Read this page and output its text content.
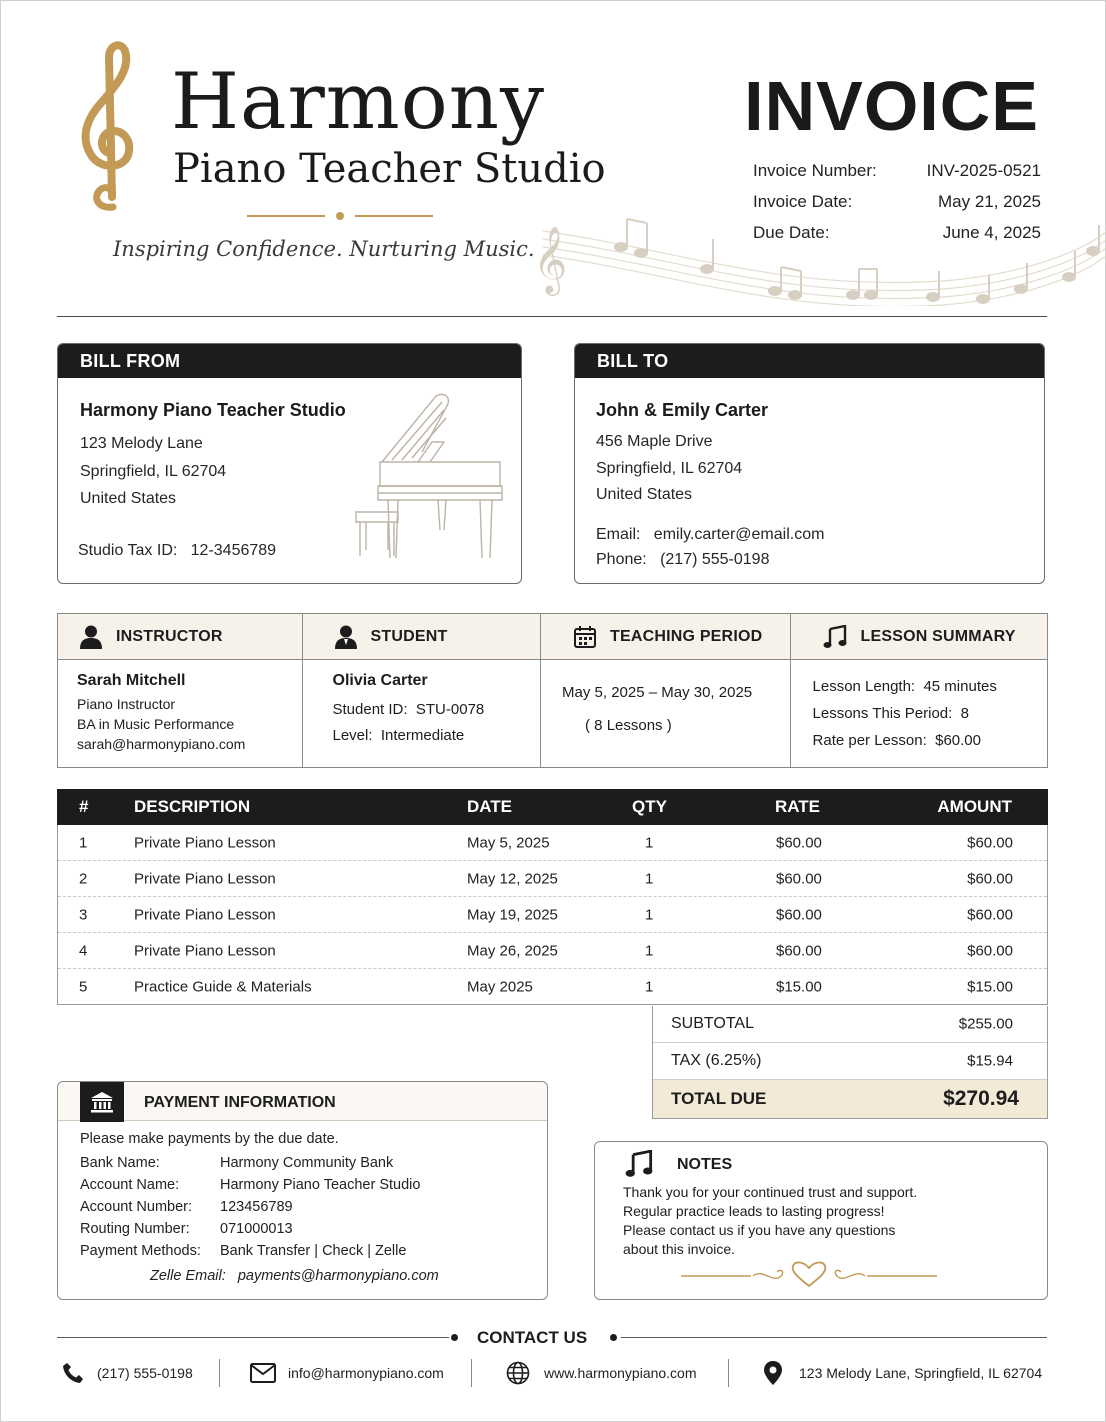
Harmony
Piano Teacher Studio
Inspiring Confidence. Nurturing Music.
𝄞
INVOICE
Invoice Number:	INV-2025-0521
Invoice Date:	May 21, 2025
Due Date:	June 4, 2025
BILL FROM
Harmony Piano Teacher Studio
123 Melody Lane
Springfield, IL 62704
United States
Studio Tax ID: 12-3456789
BILL TO
John & Emily Carter
456 Maple Drive
Springfield, IL 62704
United States
Email: emily.carter@email.com
Phone: (217) 555-0198
INSTRUCTOR
Sarah Mitchell
Piano Instructor
BA in Music Performance
sarah@harmonypiano.com
STUDENT
Olivia Carter
Student ID: STU-0078
Level: Intermediate
TEACHING PERIOD
May 5, 2025 – May 30, 2025
( 8 Lessons )
LESSON SUMMARY
Lesson Length: 45 minutes
Lessons This Period: 8
Rate per Lesson: $60.00
#	DESCRIPTION	DATE	QTY	RATE	AMOUNT
1	Private Piano Lesson	May 5, 2025	1	$60.00	$60.00
2	Private Piano Lesson	May 12, 2025	1	$60.00	$60.00
3	Private Piano Lesson	May 19, 2025	1	$60.00	$60.00
4	Private Piano Lesson	May 26, 2025	1	$60.00	$60.00
5	Practice Guide & Materials	May 2025	1	$15.00	$15.00
SUBTOTAL	$255.00
TAX (6.25%)	$15.94
TOTAL DUE	$270.94
PAYMENT INFORMATION
Please make payments by the due date.
Bank Name:	Harmony Community Bank
Account Name:	Harmony Piano Teacher Studio
Account Number: 123456789
Routing Number: 071000013
Payment Methods: Bank Transfer | Check | Zelle
Zelle Email: payments@harmonypiano.com
NOTES
Thank you for your continued trust and support.
Regular practice leads to lasting progress!
Please contact us if you have any questions
about this invoice.
CONTACT US
(217) 555-0198	info@harmonypiano.com	www.harmonypiano.com	123 Melody Lane, Springfield, IL 62704
